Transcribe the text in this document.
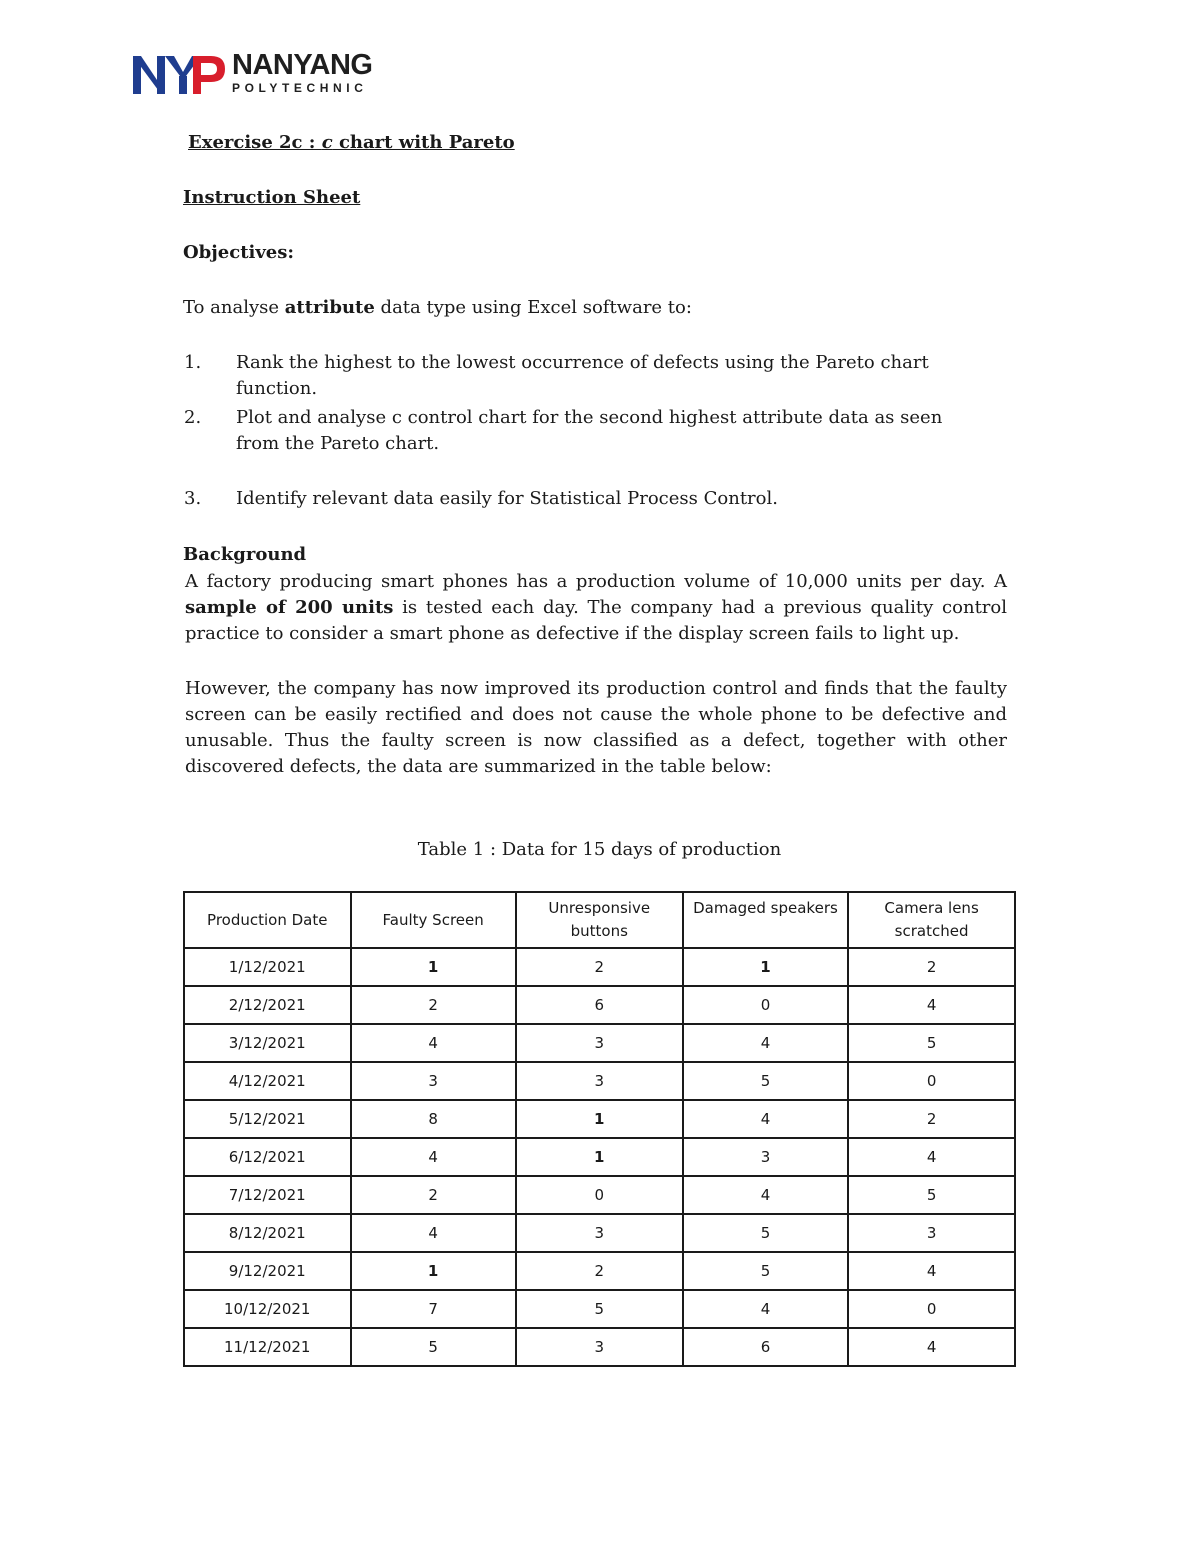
NANYANG
POLYTECHNIC
Exercise 2c : c chart with Pareto
Instruction Sheet
Objectives:
To analyse attribute data type using Excel software to:
1. Rank the highest to the lowest occurrence of defects using the Pareto chart function.
2. Plot and analyse c control chart for the second highest attribute data as seen from the Pareto chart.
3. Identify relevant data easily for Statistical Process Control.
Background
A factory producing smart phones has a production volume of 10,000 units per day. A sample of 200 units is tested each day. The company had a previous quality control practice to consider a smart phone as defective if the display screen fails to light up.
However, the company has now improved its production control and finds that the faulty screen can be easily rectified and does not cause the whole phone to be defective and unusable. Thus the faulty screen is now classified as a defect, together with other discovered defects, the data are summarized in the table below:
Table 1 : Data for 15 days of production
Production Date	Faulty Screen	Unresponsive buttons	Damaged speakers	Camera lens scratched
1/12/2021	1	2	1	2
2/12/2021	2	6	0	4
3/12/2021	4	3	4	5
4/12/2021	3	3	5	0
5/12/2021	8	1	4	2
6/12/2021	4	1	3	4
7/12/2021	2	0	4	5
8/12/2021	4	3	5	3
9/12/2021	1	2	5	4
10/12/2021	7	5	4	0
11/12/2021	5	3	6	4
